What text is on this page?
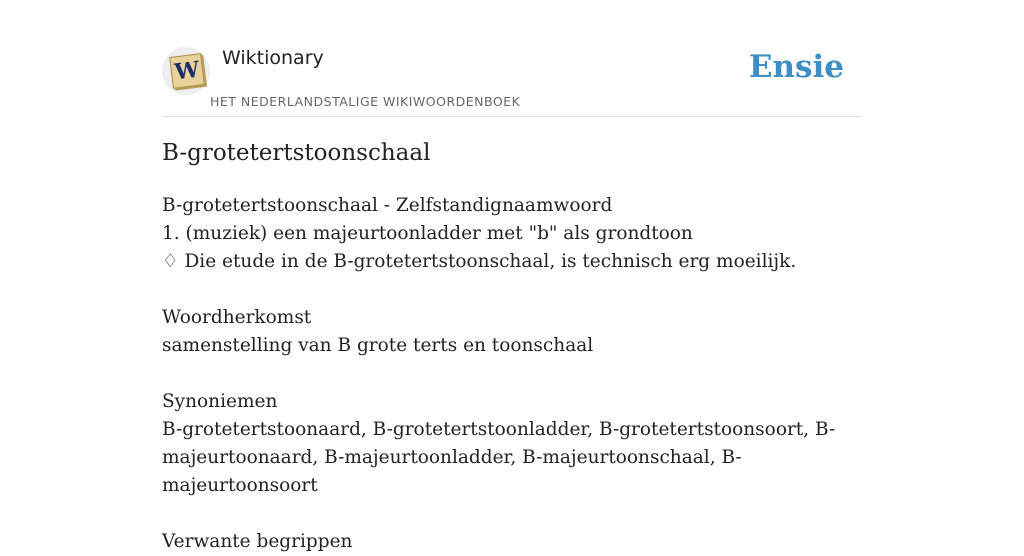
W Wiktionary
HET NEDERLANDSTALIGE WIKIWOORDENBOEK
Ensie
B-grotetertstoonschaal
B-grotetertstoonschaal - Zelfstandignaamwoord
1. (muziek) een majeurtoonladder met "b" als grondtoon
♢ Die etude in de B-grotetertstoonschaal, is technisch erg moeilijk.
Woordherkomst
samenstelling van B grote terts en toonschaal
Synoniemen
B-grotetertstoonaard, B-grotetertstoonladder, B-grotetertstoonsoort, B-majeurtoonaard, B-majeurtoonladder, B-majeurtoonschaal, B-majeurtoonsoort
Verwante begrippen
